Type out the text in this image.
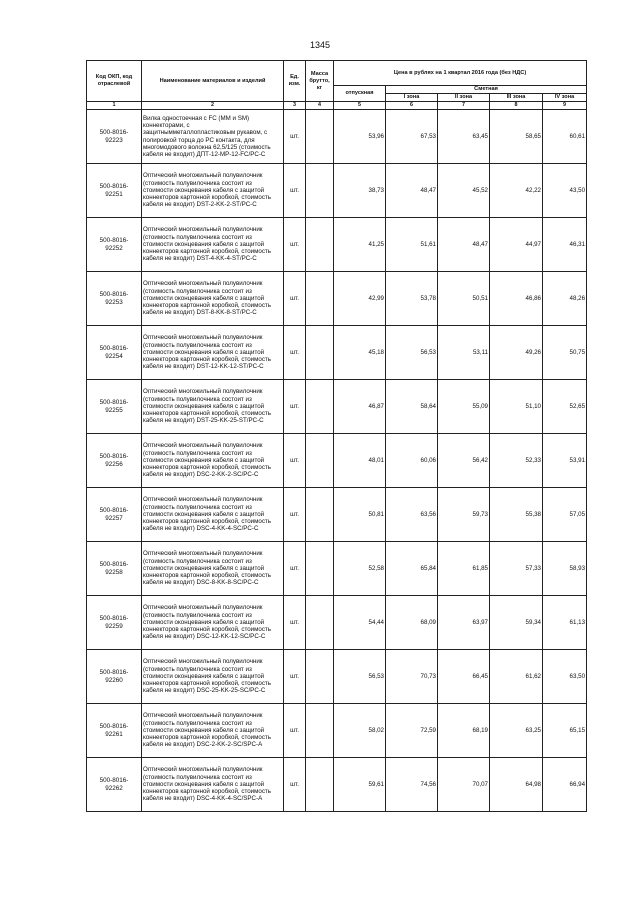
1345
Код ОКП, код отраслевой	Наименование материалов и изделий	Ед. изм.	Масса брутто, кг	Цена в рублях на 1 квартал 2016 года (без НДС)				
				отпускная	Сметная			
					I зона	II зона	III зона	IV зона
1	2	3	4	5	6	7	8	9

500-8016-
92223	Вилка одностоечная с FC (MM и SM) коннекторами, с защитнымметаллопластиковым рукавом, с полировкой торца до PC контакта, для многомодового волокна 62,5/125 (стоимость кабеля не входит) ДПТ-12-MP-12-FC/PC-C	шт.		53,96	67,53	63,45	58,65	60,61

500-8016-
92251	Оптический многожильный полувилочник (стоимость полувилочника состоит из стоимости оконцевания кабеля с защитой коннекторов картонной коробкой, стоимость кабеля не входит) DST-2-KK-2-ST/PC-C	шт.		38,73	48,47	45,52	42,22	43,50

500-8016-
92252	Оптический многожильный полувилочник (стоимость полувилочника состоит из стоимости оконцевания кабеля с защитой коннекторов картонной коробкой, стоимость кабеля не входит) DST-4-KK-4-ST/PC-C	шт.		41,25	51,61	48,47	44,97	46,31

500-8016-
92253	Оптический многожильный полувилочник (стоимость полувилочника состоит из стоимости оконцевания кабеля с защитой коннекторов картонной коробкой, стоимость кабеля не входит) DST-8-KK-8-ST/PC-C	шт.		42,99	53,78	50,51	46,86	48,26

500-8016-
92254	Оптический многожильный полувилочник (стоимость полувилочника состоит из стоимости оконцевания кабеля с защитой коннекторов картонной коробкой, стоимость кабеля не входит) DST-12-KK-12-ST/PC-C	шт.		45,18	56,53	53,11	49,26	50,75

500-8016-
92255	Оптический многожильный полувилочник (стоимость полувилочника состоит из стоимости оконцевания кабеля с защитой коннекторов картонной коробкой, стоимость кабеля не входит) DST-25-KK-25-ST/PC-C	шт.		46,87	58,64	55,09	51,10	52,65

500-8016-
92256	Оптический многожильный полувилочник (стоимость полувилочника состоит из стоимости оконцевания кабеля с защитой коннекторов картонной коробкой, стоимость кабеля не входит) DSC-2-KK-2-SC/PC-C	шт.		48,01	60,06	56,42	52,33	53,91

500-8016-
92257	Оптический многожильный полувилочник (стоимость полувилочника состоит из стоимости оконцевания кабеля с защитой коннекторов картонной коробкой, стоимость кабеля не входит) DSC-4-KK-4-SC/PC-C	шт.		50,81	63,56	59,73	55,38	57,05

500-8016-
92258	Оптический многожильный полувилочник (стоимость полувилочника состоит из стоимости оконцевания кабеля с защитой коннекторов картонной коробкой, стоимость кабеля не входит) DSC-8-KK-8-SC/PC-C	шт.		52,58	65,84	61,85	57,33	58,93

500-8016-
92259	Оптический многожильный полувилочник (стоимость полувилочника состоит из стоимости оконцевания кабеля с защитой коннекторов картонной коробкой, стоимость кабеля не входит) DSC-12-KK-12-SC/PC-C	шт.		54,44	68,09	63,97	59,34	61,13

500-8016-
92260	Оптический многожильный полувилочник (стоимость полувилочника состоит из стоимости оконцевания кабеля с защитой коннекторов картонной коробкой, стоимость кабеля не входит) DSC-25-KK-25-SC/PC-C	шт.		56,53	70,73	66,45	61,62	63,50

500-8016-
92261	Оптический многожильный полувилочник (стоимость полувилочника состоит из стоимости оконцевания кабеля с защитой коннекторов картонной коробкой, стоимость кабеля не входит) DSC-2-KK-2-SC/SPC-A	шт.		58,02	72,59	68,19	63,25	65,15

500-8016-
92262	Оптический многожильный полувилочник (стоимость полувилочника состоит из стоимости оконцевания кабеля с защитой коннекторов картонной коробкой, стоимость кабеля не входит) DSC-4-KK-4-SC/SPC-A	шт.		59,61	74,56	70,07	64,98	66,94
